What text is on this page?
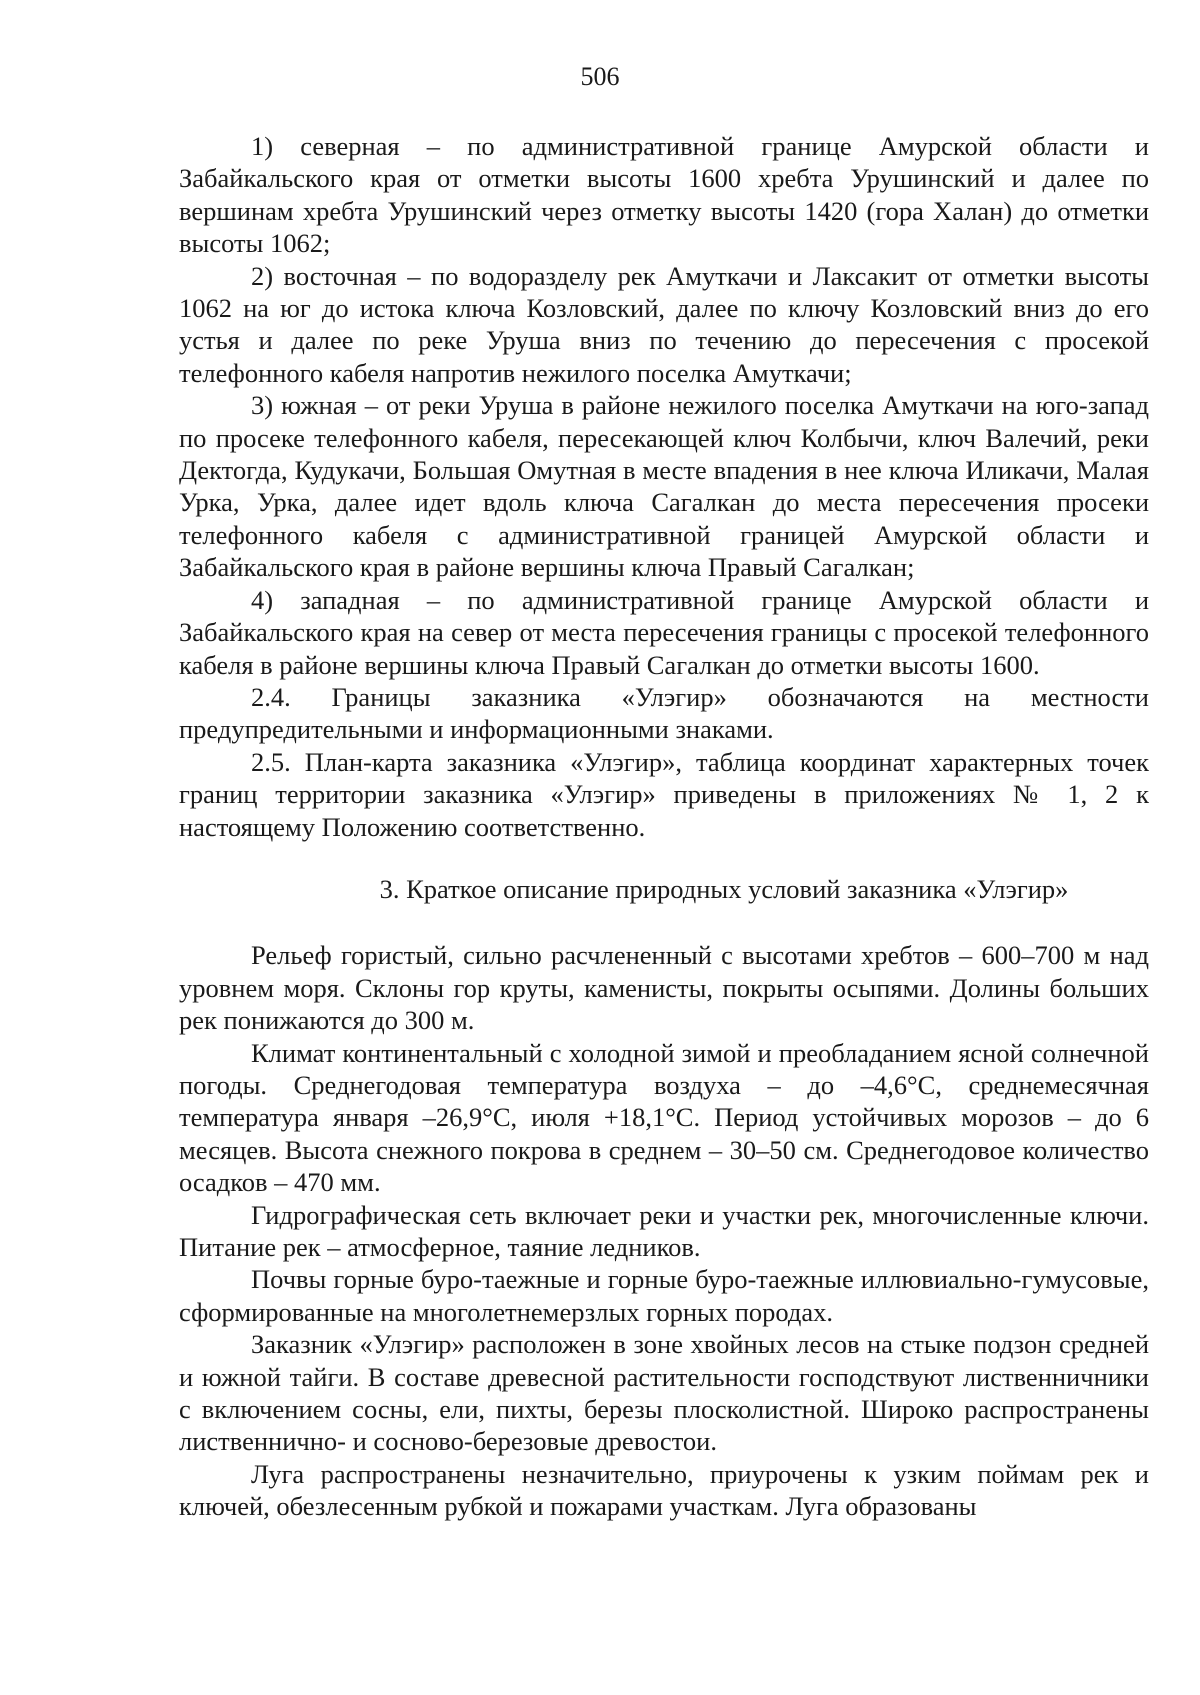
506

1) северная – по административной границе Амурской области и Забайкальского края от отметки высоты 1600 хребта Урушинский и далее по вершинам хребта Урушинский через отметку высоты 1420 (гора Халан) до отметки высоты 1062;

2) восточная – по водоразделу рек Амуткачи и Лаксакит от отметки высоты 1062 на юг до истока ключа Козловский, далее по ключу Козловский вниз до его устья и далее по реке Уруша вниз по течению до пересечения с просекой телефонного кабеля напротив нежилого поселка Амуткачи;

3) южная – от реки Уруша в районе нежилого поселка Амуткачи на юго-запад по просеке телефонного кабеля, пересекающей ключ Колбычи, ключ Валечий, реки Дектогда, Кудукачи, Большая Омутная в месте впадения в нее ключа Иликачи, Малая Урка, Урка, далее идет вдоль ключа Сагалкан до места пересечения просеки телефонного кабеля с административной границей Амурской области и Забайкальского края в районе вершины ключа Правый Сагалкан;

4) западная – по административной границе Амурской области и Забайкальского края на север от места пересечения границы с просекой телефонного кабеля в районе вершины ключа Правый Сагалкан до отметки высоты 1600.

2.4. Границы заказника «Улэгир» обозначаются на местности предупредительными и информационными знаками.

2.5. План-карта заказника «Улэгир», таблица координат характерных точек границ территории заказника «Улэгир» приведены в приложениях № 1, 2 к настоящему Положению соответственно.

3. Краткое описание природных условий заказника «Улэгир»

Рельеф гористый, сильно расчлененный с высотами хребтов – 600–700 м над уровнем моря. Склоны гор круты, каменисты, покрыты осыпями. Долины больших рек понижаются до 300 м.

Климат континентальный с холодной зимой и преобладанием ясной солнечной погоды. Среднегодовая температура воздуха – до –4,6°С, среднемесячная температура января –26,9°С, июля +18,1°С. Период устойчивых морозов – до 6 месяцев. Высота снежного покрова в среднем – 30–50 см. Среднегодовое количество осадков – 470 мм.

Гидрографическая сеть включает реки и участки рек, многочисленные ключи. Питание рек – атмосферное, таяние ледников.

Почвы горные буро-таежные и горные буро-таежные иллювиально-гумусовые, сформированные на многолетнемерзлых горных породах.

Заказник «Улэгир» расположен в зоне хвойных лесов на стыке подзон средней и южной тайги. В составе древесной растительности господствуют лиственничники с включением сосны, ели, пихты, березы плосколистной. Широко распространены лиственнично- и сосново-березовые древостои.

Луга распространены незначительно, приурочены к узким поймам рек и ключей, обезлесенным рубкой и пожарами участкам. Луга образованы
